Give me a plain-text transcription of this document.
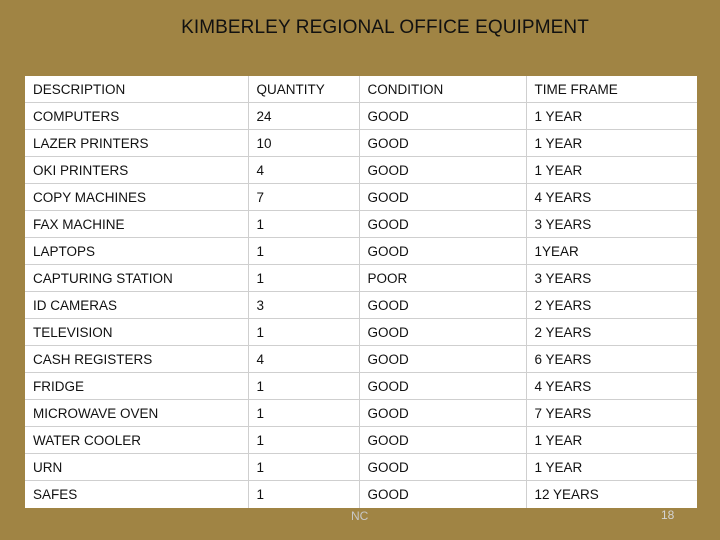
KIMBERLEY REGIONAL OFFICE EQUIPMENT
DESCRIPTION	QUANTITY	CONDITION	TIME FRAME
COMPUTERS	24	GOOD	1 YEAR
LAZER PRINTERS	10	GOOD	1 YEAR
OKI PRINTERS	4	GOOD	1 YEAR
COPY MACHINES	7	GOOD	4 YEARS
FAX MACHINE	1	GOOD	3 YEARS
LAPTOPS	1	GOOD	1YEAR
CAPTURING STATION	1	POOR	3 YEARS
ID CAMERAS	3	GOOD	2 YEARS
TELEVISION	1	GOOD	2 YEARS
CASH REGISTERS	4	GOOD	6 YEARS
FRIDGE	1	GOOD	4 YEARS
MICROWAVE OVEN	1	GOOD	7 YEARS
WATER COOLER	1	GOOD	1 YEAR
URN	1	GOOD	1 YEAR
SAFES	1	GOOD	12 YEARS
NC	18
